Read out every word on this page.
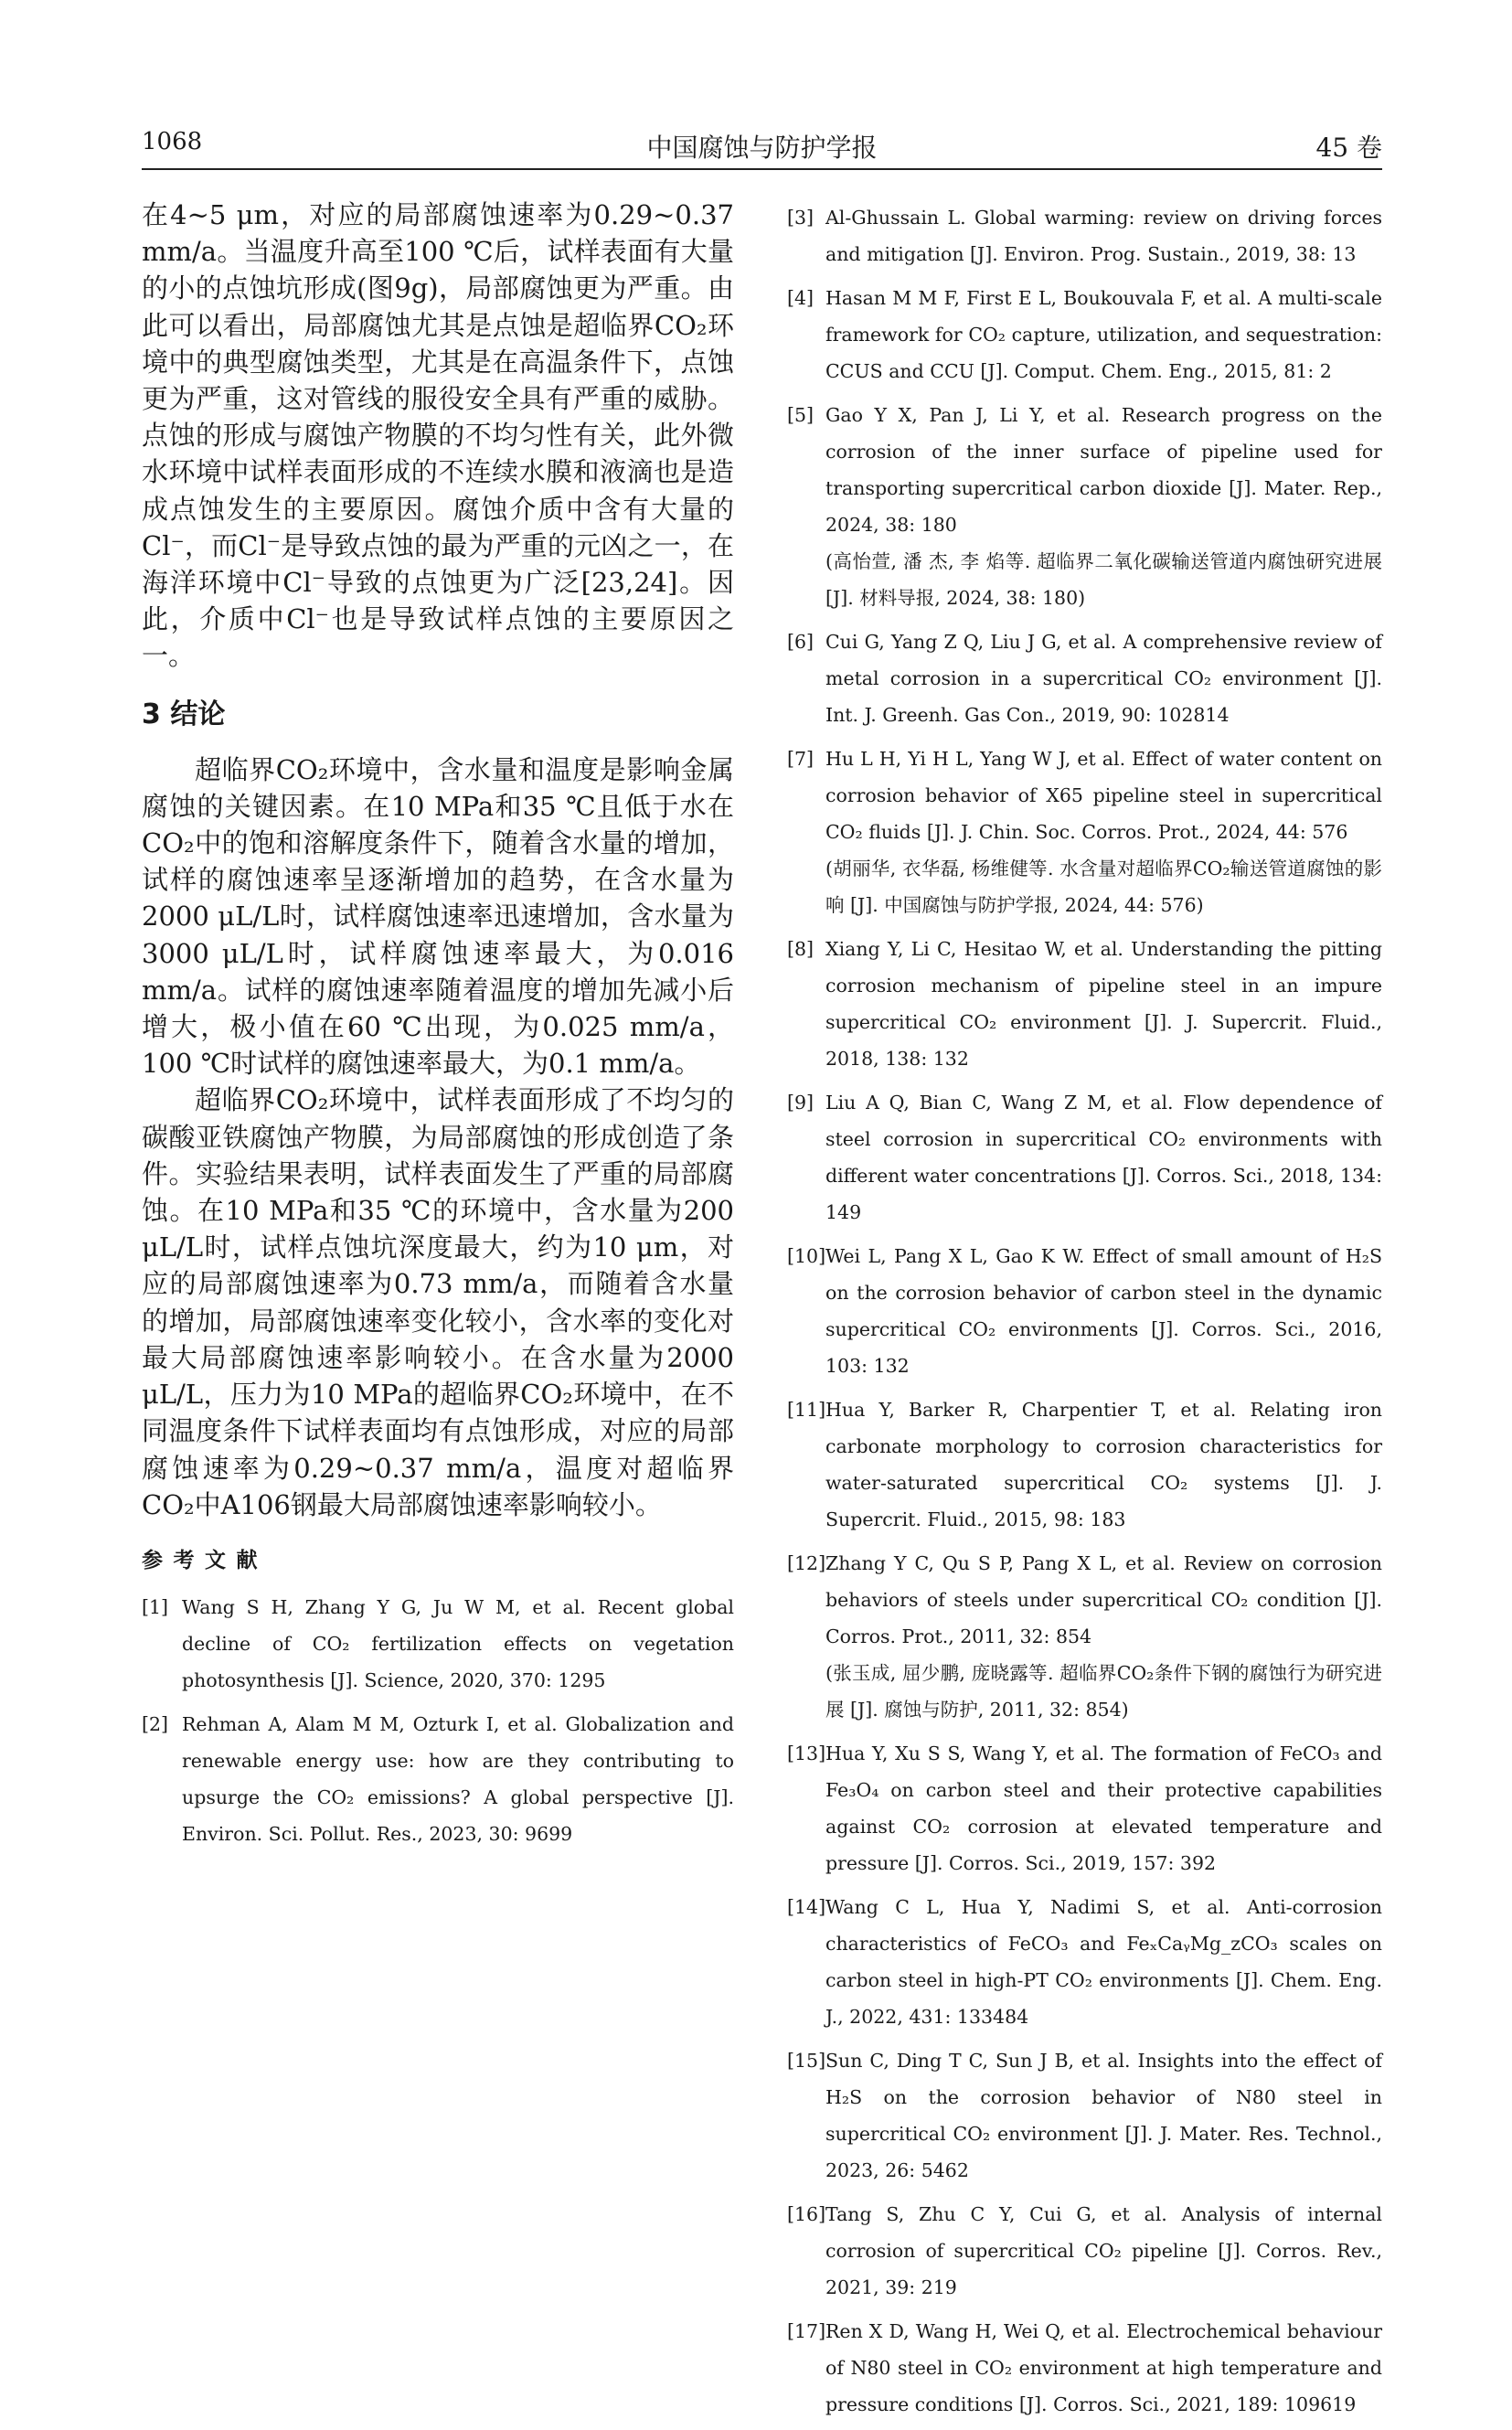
中国腐蚀与防护学报
1068	45 卷

在4~5 μm，对应的局部腐蚀速率为0.29~0.37 mm/a。当温度升高至100 ℃后，试样表面有大量的小的点蚀坑形成(图9g)，局部腐蚀更为严重。由此可以看出，局部腐蚀尤其是点蚀是超临界CO₂环境中的典型腐蚀类型，尤其是在高温条件下，点蚀更为严重，这对管线的服役安全具有严重的威胁。点蚀的形成与腐蚀产物膜的不均匀性有关，此外微水环境中试样表面形成的不连续水膜和液滴也是造成点蚀发生的主要原因。腐蚀介质中含有大量的Cl⁻，而Cl⁻是导致点蚀的最为严重的元凶之一，在海洋环境中Cl⁻导致的点蚀更为广泛[23,24]。因此，介质中Cl⁻也是导致试样点蚀的主要原因之一。

3 结论

超临界CO₂环境中，含水量和温度是影响金属腐蚀的关键因素。在10 MPa和35 ℃且低于水在CO₂中的饱和溶解度条件下，随着含水量的增加，试样的腐蚀速率呈逐渐增加的趋势，在含水量为2000 μL/L时，试样腐蚀速率迅速增加，含水量为3000 μL/L时，试样腐蚀速率最大，为0.016 mm/a。试样的腐蚀速率随着温度的增加先减小后增大，极小值在60 ℃出现，为0.025 mm/a，100 ℃时试样的腐蚀速率最大，为0.1 mm/a。

超临界CO₂环境中，试样表面形成了不均匀的碳酸亚铁腐蚀产物膜，为局部腐蚀的形成创造了条件。实验结果表明，试样表面发生了严重的局部腐蚀。在10 MPa和35 ℃的环境中，含水量为200 μL/L时，试样点蚀坑深度最大，约为10 μm，对应的局部腐蚀速率为0.73 mm/a，而随着含水量的增加，局部腐蚀速率变化较小，含水率的变化对最大局部腐蚀速率影响较小。在含水量为2000 μL/L，压力为10 MPa的超临界CO₂环境中，在不同温度条件下试样表面均有点蚀形成，对应的局部腐蚀速率为0.29~0.37 mm/a，温度对超临界CO₂中A106钢最大局部腐蚀速率影响较小。

参考文献
[1] Wang S H, Zhang Y G, Ju W M, et al. Recent global decline of CO₂ fertilization effects on vegetation photosynthesis [J]. Science, 2020, 370: 1295
[2] Rehman A, Alam M M, Ozturk I, et al. Globalization and renewable energy use: how are they contributing to upsurge the CO₂ emissions? A global perspective [J]. Environ. Sci. Pollut. Res., 2023, 30: 9699
[3] Al-Ghussain L. Global warming: review on driving forces and mitigation [J]. Environ. Prog. Sustain., 2019, 38: 13
[4] Hasan M M F, First E L, Boukouvala F, et al. A multi-scale framework for CO₂ capture, utilization, and sequestration: CCUS and CCU [J]. Comput. Chem. Eng., 2015, 81: 2
[5] Gao Y X, Pan J, Li Y, et al. Research progress on the corrosion of the inner surface of pipeline used for transporting supercritical carbon dioxide [J]. Mater. Rep., 2024, 38: 180
(高怡萱, 潘 杰, 李 焰等. 超临界二氧化碳输送管道内腐蚀研究进展 [J]. 材料导报, 2024, 38: 180)
[6] Cui G, Yang Z Q, Liu J G, et al. A comprehensive review of metal corrosion in a supercritical CO₂ environment [J]. Int. J. Greenh. Gas Con., 2019, 90: 102814
[7] Hu L H, Yi H L, Yang W J, et al. Effect of water content on corrosion behavior of X65 pipeline steel in supercritical CO₂ fluids [J]. J. Chin. Soc. Corros. Prot., 2024, 44: 576
(胡丽华, 衣华磊, 杨维健等. 水含量对超临界CO₂输送管道腐蚀的影响 [J]. 中国腐蚀与防护学报, 2024, 44: 576)
[8] Xiang Y, Li C, Hesitao W, et al. Understanding the pitting corrosion mechanism of pipeline steel in an impure supercritical CO₂ environment [J]. J. Supercrit. Fluid., 2018, 138: 132
[9] Liu A Q, Bian C, Wang Z M, et al. Flow dependence of steel corrosion in supercritical CO₂ environments with different water concentrations [J]. Corros. Sci., 2018, 134: 149
[10] Wei L, Pang X L, Gao K W. Effect of small amount of H₂S on the corrosion behavior of carbon steel in the dynamic supercritical CO₂ environments [J]. Corros. Sci., 2016, 103: 132
[11] Hua Y, Barker R, Charpentier T, et al. Relating iron carbonate morphology to corrosion characteristics for water-saturated supercritical CO₂ systems [J]. J. Supercrit. Fluid., 2015, 98: 183
[12] Zhang Y C, Qu S P, Pang X L, et al. Review on corrosion behaviors of steels under supercritical CO₂ condition [J]. Corros. Prot., 2011, 32: 854
(张玉成, 屈少鹏, 庞晓露等. 超临界CO₂条件下钢的腐蚀行为研究进展 [J]. 腐蚀与防护, 2011, 32: 854)
[13] Hua Y, Xu S S, Wang Y, et al. The formation of FeCO₃ and Fe₃O₄ on carbon steel and their protective capabilities against CO₂ corrosion at elevated temperature and pressure [J]. Corros. Sci., 2019, 157: 392
[14] Wang C L, Hua Y, Nadimi S, et al. Anti-corrosion characteristics of FeCO₃ and FeₓCaᵧMg_zCO₃ scales on carbon steel in high-PT CO₂ environments [J]. Chem. Eng. J., 2022, 431: 133484
[15] Sun C, Ding T C, Sun J B, et al. Insights into the effect of H₂S on the corrosion behavior of N80 steel in supercritical CO₂ environment [J]. J. Mater. Res. Technol., 2023, 26: 5462
[16] Tang S, Zhu C Y, Cui G, et al. Analysis of internal corrosion of supercritical CO₂ pipeline [J]. Corros. Rev., 2021, 39: 219
[17] Ren X D, Wang H, Wei Q, et al. Electrochemical behaviour of N80 steel in CO₂ environment at high temperature and pressure conditions [J]. Corros. Sci., 2021, 189: 109619
